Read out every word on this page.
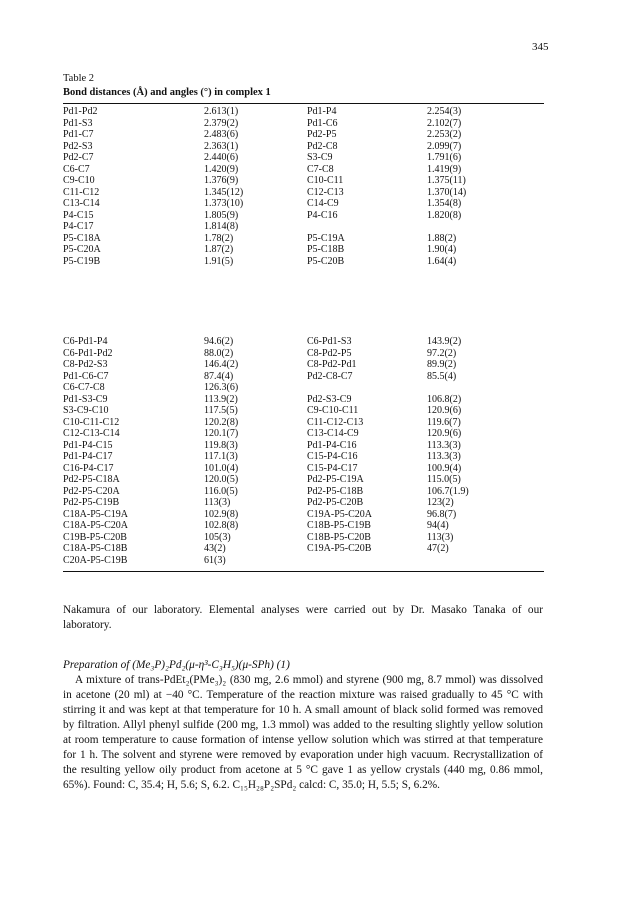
345
Table 2
Bond distances (Å) and angles (°) in complex 1
Pd1-Pd2	2.613(1)	Pd1-P4	2.254(3)
Pd1-S3	2.379(2)	Pd1-C6	2.102(7)
Pd1-C7	2.483(6)	Pd2-P5	2.253(2)
Pd2-S3	2.363(1)	Pd2-C8	2.099(7)
Pd2-C7	2.440(6)	S3-C9	1.791(6)
C6-C7	1.420(9)	C7-C8	1.419(9)
C9-C10	1.376(9)	C10-C11	1.375(11)
C11-C12	1.345(12)	C12-C13	1.370(14)
C13-C14	1.373(10)	C14-C9	1.354(8)
P4-C15	1.805(9)	P4-C16	1.820(8)
P4-C17	1.814(8)
P5-C18A	1.78(2)	P5-C19A	1.88(2)
P5-C20A	1.87(2)	P5-C18B	1.90(4)
P5-C19B	1.91(5)	P5-C20B	1.64(4)
C6-Pd1-P4	94.6(2)	C6-Pd1-S3	143.9(2)
C6-Pd1-Pd2	88.0(2)	C8-Pd2-P5	97.2(2)
C8-Pd2-S3	146.4(2)	C8-Pd2-Pd1	89.9(2)
Pd1-C6-C7	87.4(4)	Pd2-C8-C7	85.5(4)
C6-C7-C8	126.3(6)
Pd1-S3-C9	113.9(2)	Pd2-S3-C9	106.8(2)
S3-C9-C10	117.5(5)	C9-C10-C11	120.9(6)
C10-C11-C12	120.2(8)	C11-C12-C13	119.6(7)
C12-C13-C14	120.1(7)	C13-C14-C9	120.9(6)
Pd1-P4-C15	119.8(3)	Pd1-P4-C16	113.3(3)
Pd1-P4-C17	117.1(3)	C15-P4-C16	113.3(3)
C16-P4-C17	101.0(4)	C15-P4-C17	100.9(4)
Pd2-P5-C18A	120.0(5)	Pd2-P5-C19A	115.0(5)
Pd2-P5-C20A	116.0(5)	Pd2-P5-C18B	106.7(1.9)
Pd2-P5-C19B	113(3)	Pd2-P5-C20B	123(2)
C18A-P5-C19A	102.9(8)	C19A-P5-C20A	96.8(7)
C18A-P5-C20A	102.8(8)	C18B-P5-C19B	94(4)
C19B-P5-C20B	105(3)	C18B-P5-C20B	113(3)
C18A-P5-C18B	43(2)	C19A-P5-C20B	47(2)
C20A-P5-C19B	61(3)
Nakamura of our laboratory. Elemental analyses were carried out by Dr. Masako Tanaka of our laboratory.
Preparation of (Me₃P)₂Pd₂(μ-η³-C₃H₅)(μ-SPh) (1)
A mixture of trans-PdEt₂(PMe₃)₂ (830 mg, 2.6 mmol) and styrene (900 mg, 8.7 mmol) was dissolved in acetone (20 ml) at −40 °C. Temperature of the reaction mixture was raised gradually to 45 °C with stirring it and was kept at that temperature for 10 h. A small amount of black solid formed was removed by filtration. Allyl phenyl sulfide (200 mg, 1.3 mmol) was added to the resulting slightly yellow solution at room temperature to cause formation of intense yellow solution which was stirred at that temperature for 1 h. The solvent and styrene were removed by evaporation under high vacuum. Recrystallization of the resulting yellow oily product from acetone at 5 °C gave 1 as yellow crystals (440 mg, 0.86 mmol, 65%). Found: C, 35.4; H, 5.6; S, 6.2. C₁₅H₂₈P₂SPd₂ calcd: C, 35.0; H, 5.5; S, 6.2%.
